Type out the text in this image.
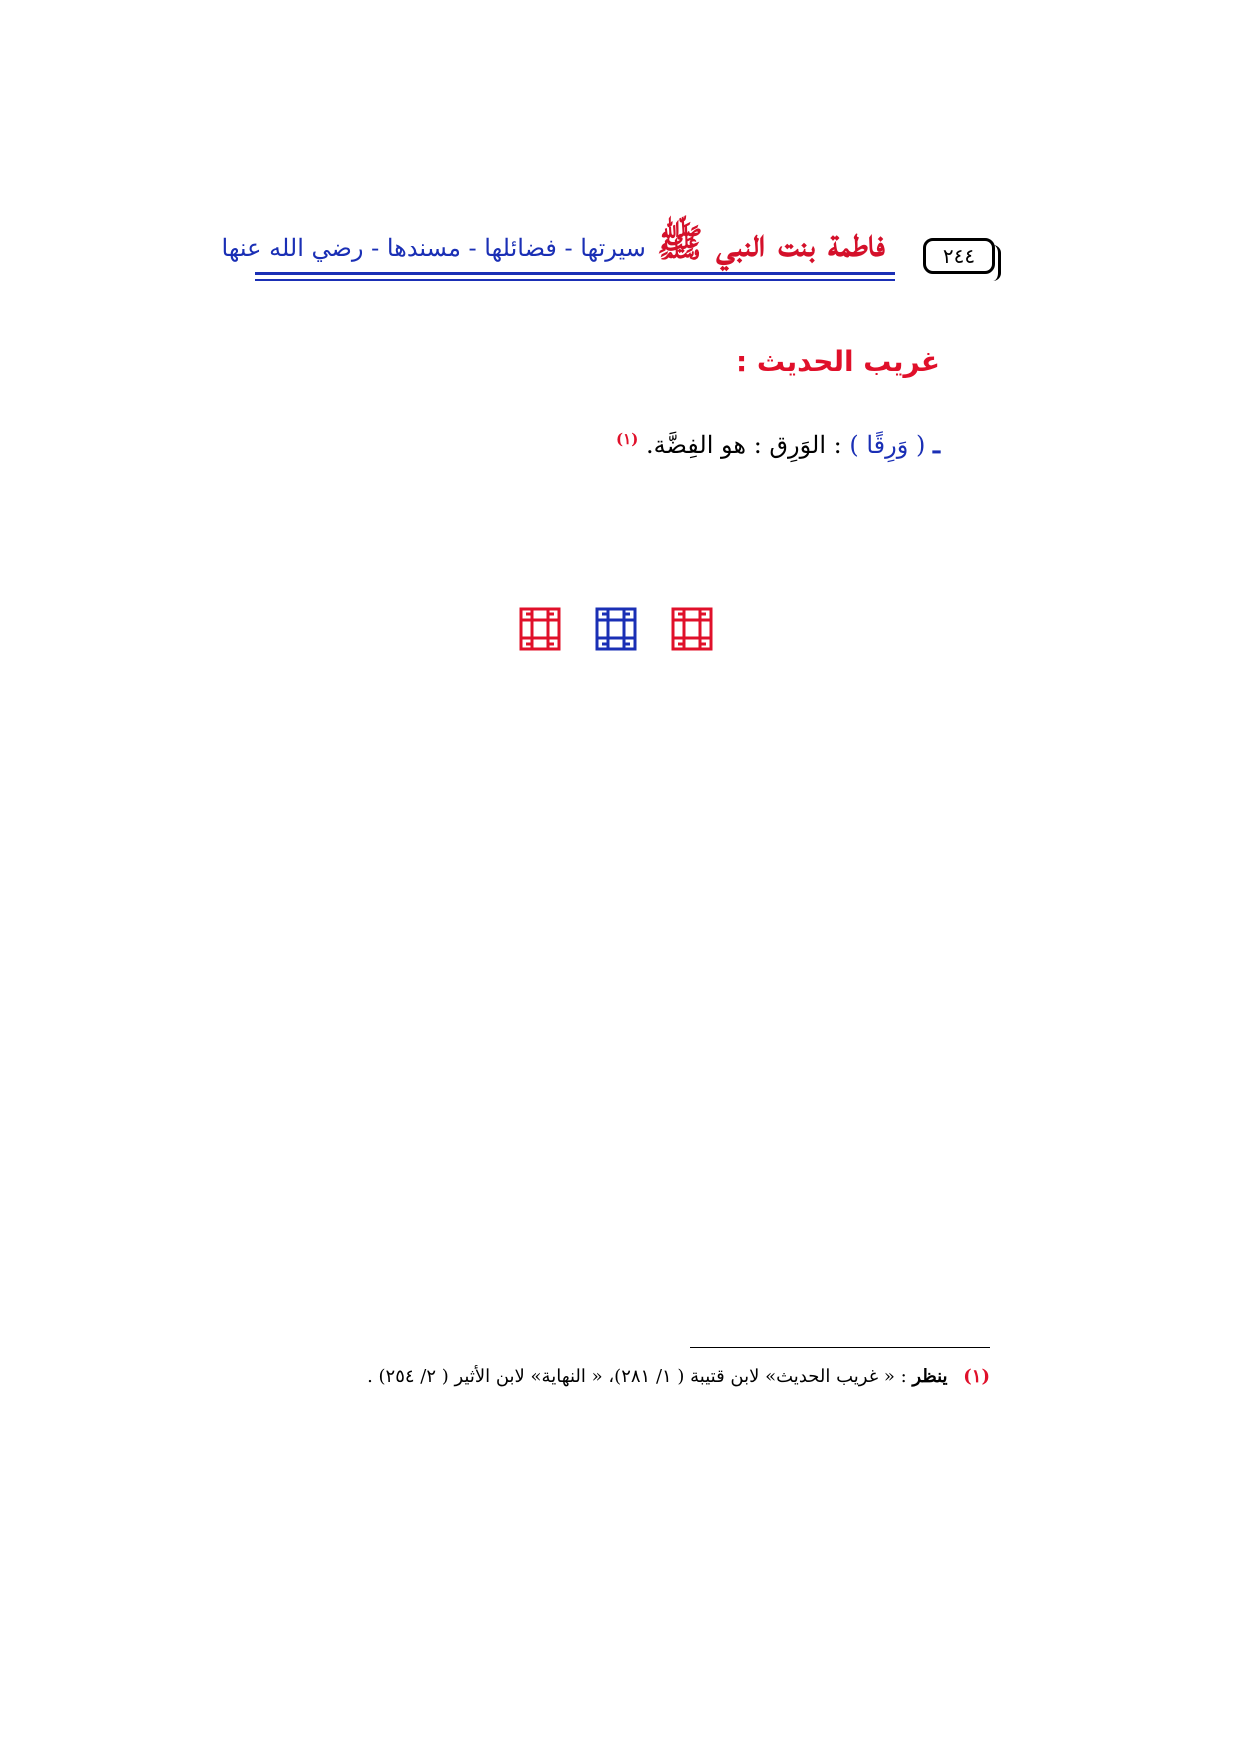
٢٤٤
فاطمة بنت النبي ﷺ سيرتها - فضائلها - مسندها - رضي الله عنها
غريب الحديث :
ـ ( وَرِقًا ) : الوَرِق : هو الفِضَّة. $^{(١)}$
(١) ينظر : « غريب الحديث» لابن قتيبة ( ١/ ٢٨١)، « النهاية» لابن الأثير ( ٢/ ٢٥٤) .
